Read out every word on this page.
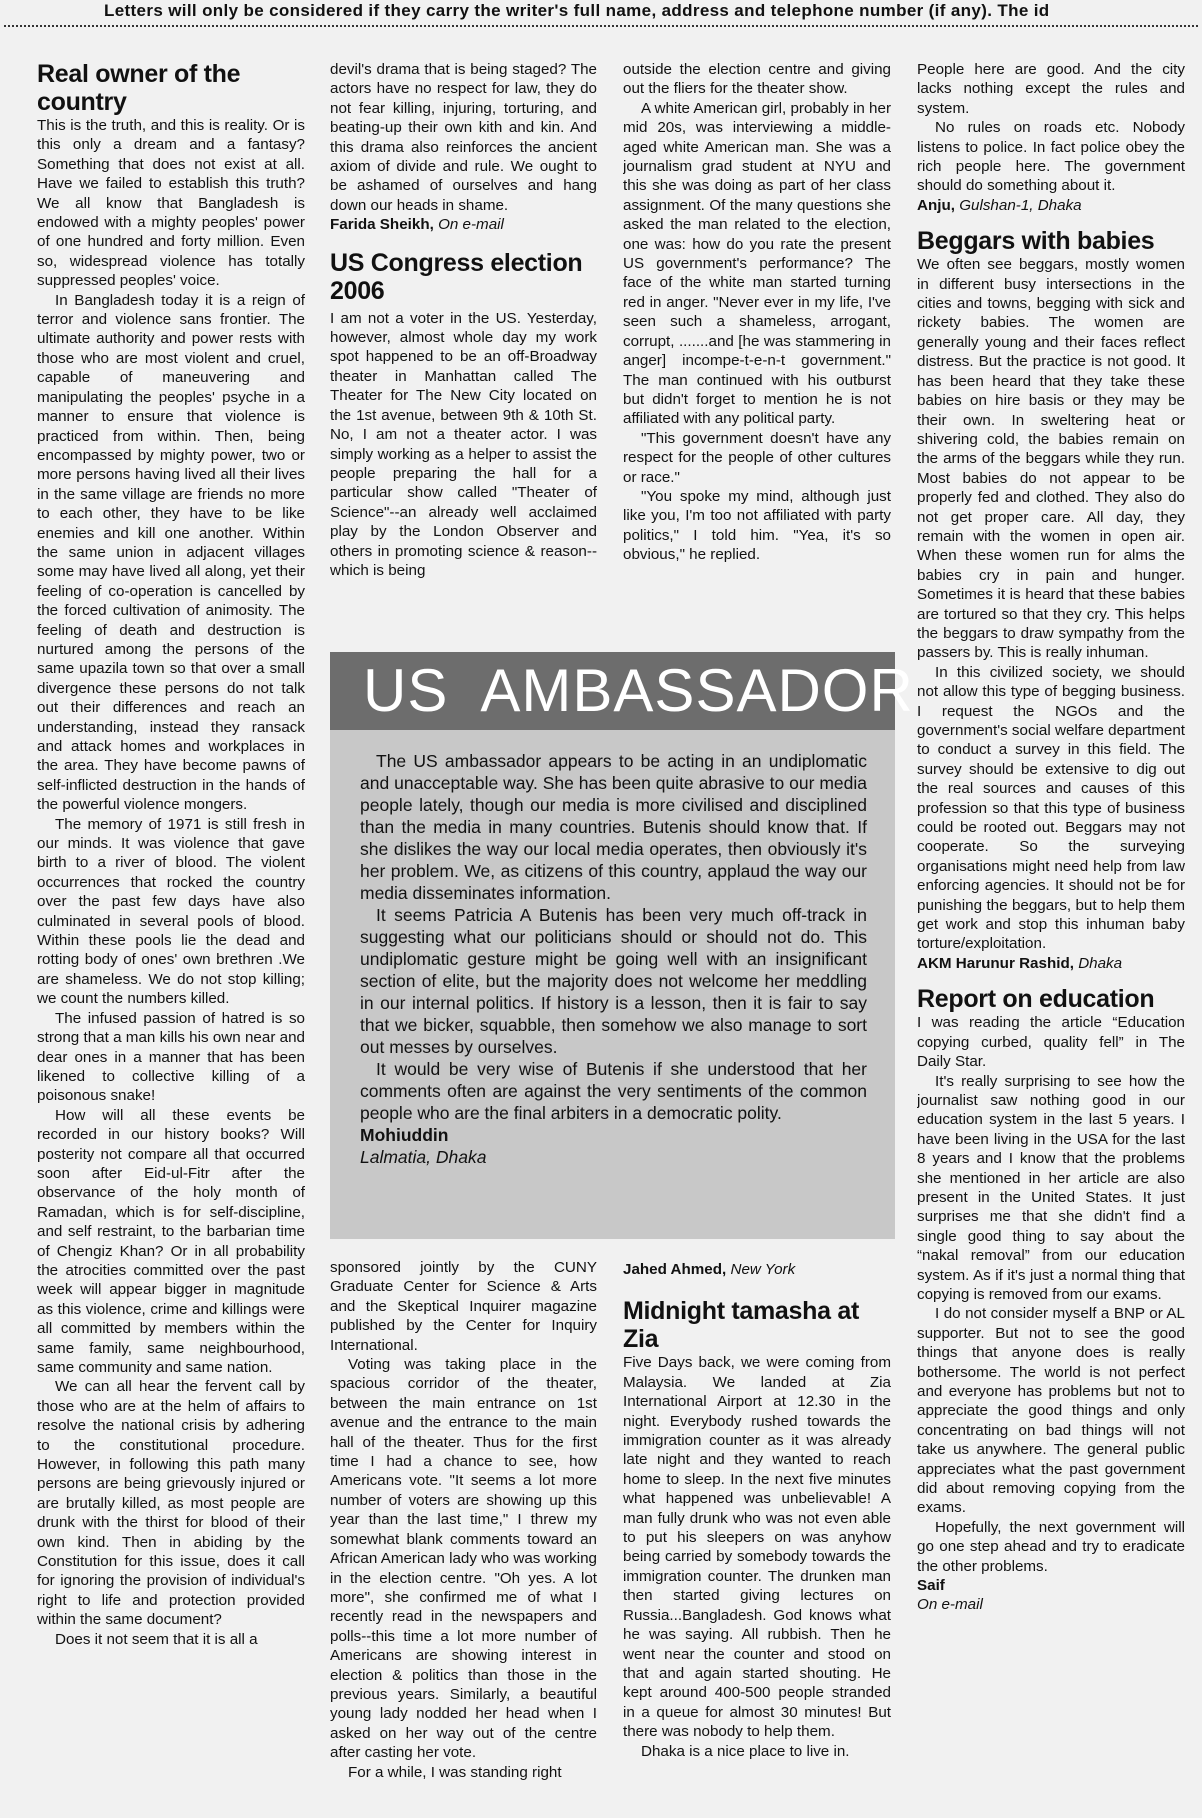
Letters will only be considered if they carry the writer's full name, address and telephone number (if any). The id
Real owner of the country

This is the truth, and this is reality. Or is this only a dream and a fantasy? Something that does not exist at all. Have we failed to establish this truth? We all know that Bangladesh is endowed with a mighty peoples' power of one hundred and forty million. Even so, widespread violence has totally suppressed peoples' voice.

In Bangladesh today it is a reign of terror and violence sans frontier. The ultimate authority and power rests with those who are most violent and cruel, capable of maneuvering and manipulating the peoples' psyche in a manner to ensure that violence is practiced from within. Then, being encompassed by mighty power, two or more persons having lived all their lives in the same village are friends no more to each other, they have to be like enemies and kill one another. Within the same union in adjacent villages some may have lived all along, yet their feeling of co-operation is cancelled by the forced cultivation of animosity. The feeling of death and destruction is nurtured among the persons of the same upazila town so that over a small divergence these persons do not talk out their differences and reach an understanding, instead they ransack and attack homes and workplaces in the area. They have become pawns of self-inflicted destruction in the hands of the powerful violence mongers.

The memory of 1971 is still fresh in our minds. It was violence that gave birth to a river of blood. The violent occurrences that rocked the country over the past few days have also culminated in several pools of blood. Within these pools lie the dead and rotting body of ones' own brethren .We are shameless. We do not stop killing; we count the numbers killed.

The infused passion of hatred is so strong that a man kills his own near and dear ones in a manner that has been likened to collective killing of a poisonous snake!

How will all these events be recorded in our history books? Will posterity not compare all that occurred soon after Eid-ul-Fitr after the observance of the holy month of Ramadan, which is for self-discipline, and self restraint, to the barbarian time of Chengiz Khan? Or in all probability the atrocities committed over the past week will appear bigger in magnitude as this violence, crime and killings were all committed by members within the same family, same neighbourhood, same community and same nation.

We can all hear the fervent call by those who are at the helm of affairs to resolve the national crisis by adhering to the constitutional procedure. However, in following this path many persons are being grievously injured or are brutally killed, as most people are drunk with the thirst for blood of their own kind. Then in abiding by the Constitution for this issue, does it call for ignoring the provision of individual's right to life and protection provided within the same document?

Does it not seem that it is all a

devil's drama that is being staged? The actors have no respect for law, they do not fear killing, injuring, torturing, and beating-up their own kith and kin. And this drama also reinforces the ancient axiom of divide and rule. We ought to be ashamed of ourselves and hang down our heads in shame.

Farida Sheikh, On e-mail
US Congress election 2006

I am not a voter in the US. Yesterday, however, almost whole day my work spot happened to be an off-Broadway theater in Manhattan called The Theater for The New City located on the 1st avenue, between 9th & 10th St. No, I am not a theater actor. I was simply working as a helper to assist the people preparing the hall for a particular show called "Theater of Science"--an already well acclaimed play by the London Observer and others in promoting science & reason--which is being

outside the election centre and giving out the fliers for the theater show.

A white American girl, probably in her mid 20s, was interviewing a middle-aged white American man. She was a journalism grad student at NYU and this she was doing as part of her class assignment. Of the many questions she asked the man related to the election, one was: how do you rate the present US government's performance? The face of the white man started turning red in anger. "Never ever in my life, I've seen such a shameless, arrogant, corrupt, .......and [he was stammering in anger] incompe-t-e-n-t government." The man continued with his outburst but didn't forget to mention he is not affiliated with any political party.

"This government doesn't have any respect for the people of other cultures or race."

"You spoke my mind, although just like you, I'm too not affiliated with party politics," I told him. "Yea, it's so obvious," he replied.

People here are good. And the city lacks nothing except the rules and system.

No rules on roads etc. Nobody listens to police. In fact police obey the rich people here. The government should do something about it.

Anju, Gulshan-1, Dhaka
Beggars with babies

We often see beggars, mostly women in different busy intersections in the cities and towns, begging with sick and rickety babies. The women are generally young and their faces reflect distress. But the practice is not good. It has been heard that they take these babies on hire basis or they may be their own. In sweltering heat or shivering cold, the babies remain on the arms of the beggars while they run. Most babies do not appear to be properly fed and clothed. They also do not get proper care. All day, they remain with the women in open air. When these women run for alms the babies cry in pain and hunger. Sometimes it is heard that these babies are tortured so that they cry. This helps the beggars to draw sympathy from the passers by. This is really inhuman.

In this civilized society, we should not allow this type of begging business. I request the NGOs and the government's social welfare department to conduct a survey in this field. The survey should be extensive to dig out the real sources and causes of this profession so that this type of business could be rooted out. Beggars may not cooperate. So the surveying organisations might need help from law enforcing agencies. It should not be for punishing the beggars, but to help them get work and stop this inhuman baby torture/exploitation.

AKM Harunur Rashid, Dhaka
Report on education

I was reading the article “Education copying curbed, quality fell” in The Daily Star.

It's really surprising to see how the journalist saw nothing good in our education system in the last 5 years. I have been living in the USA for the last 8 years and I know that the problems she mentioned in her article are also present in the United States. It just surprises me that she didn't find a single good thing to say about the “nakal removal” from our education system. As if it's just a normal thing that copying is removed from our exams.

I do not consider myself a BNP or AL supporter. But not to see the good things that anyone does is really bothersome. The world is not perfect and everyone has problems but not to appreciate the good things and only concentrating on bad things will not take us anywhere. The general public appreciates what the past government did about removing copying from the exams.

Hopefully, the next government will go one step ahead and try to eradicate the other problems.

Saif
On e-mail
US  AMBASSADOR

The US ambassador appears to be acting in an undiplomatic and unacceptable way. She has been quite abrasive to our media people lately, though our media is more civilised and disciplined than the media in many countries. Butenis should know that. If she dislikes the way our local media operates, then obviously it's her problem. We, as citizens of this country, applaud the way our media disseminates information.

It seems Patricia A Butenis has been very much off-track in suggesting what our politicians should or should not do. This undiplomatic gesture might be going well with an insignificant section of elite, but the majority does not welcome her meddling in our internal politics. If history is a lesson, then it is fair to say that we bicker, squabble, then somehow we also manage to sort out messes by ourselves.

It would be very wise of Butenis if she understood that her comments often are against the very sentiments of the common people who are the final arbiters in a democratic polity.

Mohiuddin

Lalmatia, Dhaka

sponsored jointly by the CUNY Graduate Center for Science & Arts and the Skeptical Inquirer magazine published by the Center for Inquiry International.

Voting was taking place in the spacious corridor of the theater, between the main entrance on 1st avenue and the entrance to the main hall of the theater. Thus for the first time I had a chance to see, how Americans vote. "It seems a lot more number of voters are showing up this year than the last time," I threw my somewhat blank comments toward an African American lady who was working in the election centre. "Oh yes. A lot more", she confirmed me of what I recently read in the newspapers and polls--this time a lot more number of Americans are showing interest in election & politics than those in the previous years. Similarly, a beautiful young lady nodded her head when I asked on her way out of the centre after casting her vote.

For a while, I was standing right

Jahed Ahmed, New York
Midnight tamasha at Zia

Five Days back, we were coming from Malaysia. We landed at Zia International Airport at 12.30 in the night. Everybody rushed towards the immigration counter as it was already late night and they wanted to reach home to sleep. In the next five minutes what happened was unbelievable! A man fully drunk who was not even able to put his sleepers on was anyhow being carried by somebody towards the immigration counter. The drunken man then started giving lectures on Russia...Bangladesh. God knows what he was saying. All rubbish. Then he went near the counter and stood on that and again started shouting. He kept around 400-500 people stranded in a queue for almost 30 minutes! But there was nobody to help them.

Dhaka is a nice place to live in.
